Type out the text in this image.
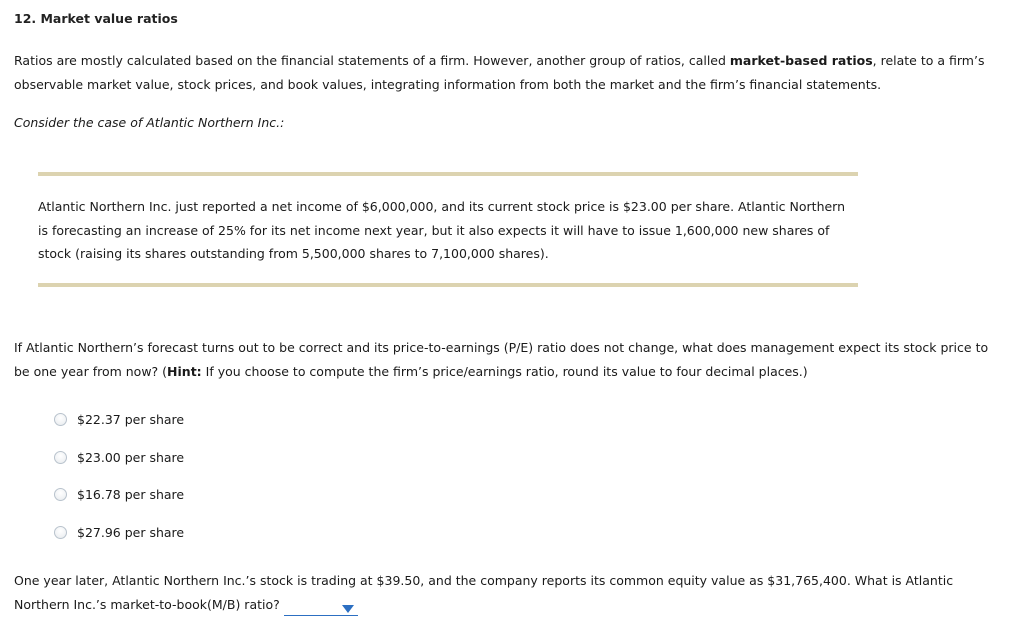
12. Market value ratios

Ratios are mostly calculated based on the financial statements of a firm. However, another group of ratios, called market-based ratios, relate to a firm’s observable market value, stock prices, and book values, integrating information from both the market and the firm’s financial statements.

Consider the case of Atlantic Northern Inc.:

Atlantic Northern Inc. just reported a net income of $6,000,000, and its current stock price is $23.00 per share. Atlantic Northern is forecasting an increase of 25% for its net income next year, but it also expects it will have to issue 1,600,000 new shares of stock (raising its shares outstanding from 5,500,000 shares to 7,100,000 shares).

If Atlantic Northern’s forecast turns out to be correct and its price-to-earnings (P/E) ratio does not change, what does management expect its stock price to be one year from now? (Hint: If you choose to compute the firm’s price/earnings ratio, round its value to four decimal places.)

$22.37 per share
$23.00 per share
$16.78 per share
$27.96 per share

One year later, Atlantic Northern Inc.’s stock is trading at $39.50, and the company reports its common equity value as $31,765,400. What is Atlantic Northern Inc.’s market-to-book(M/B) ratio?
